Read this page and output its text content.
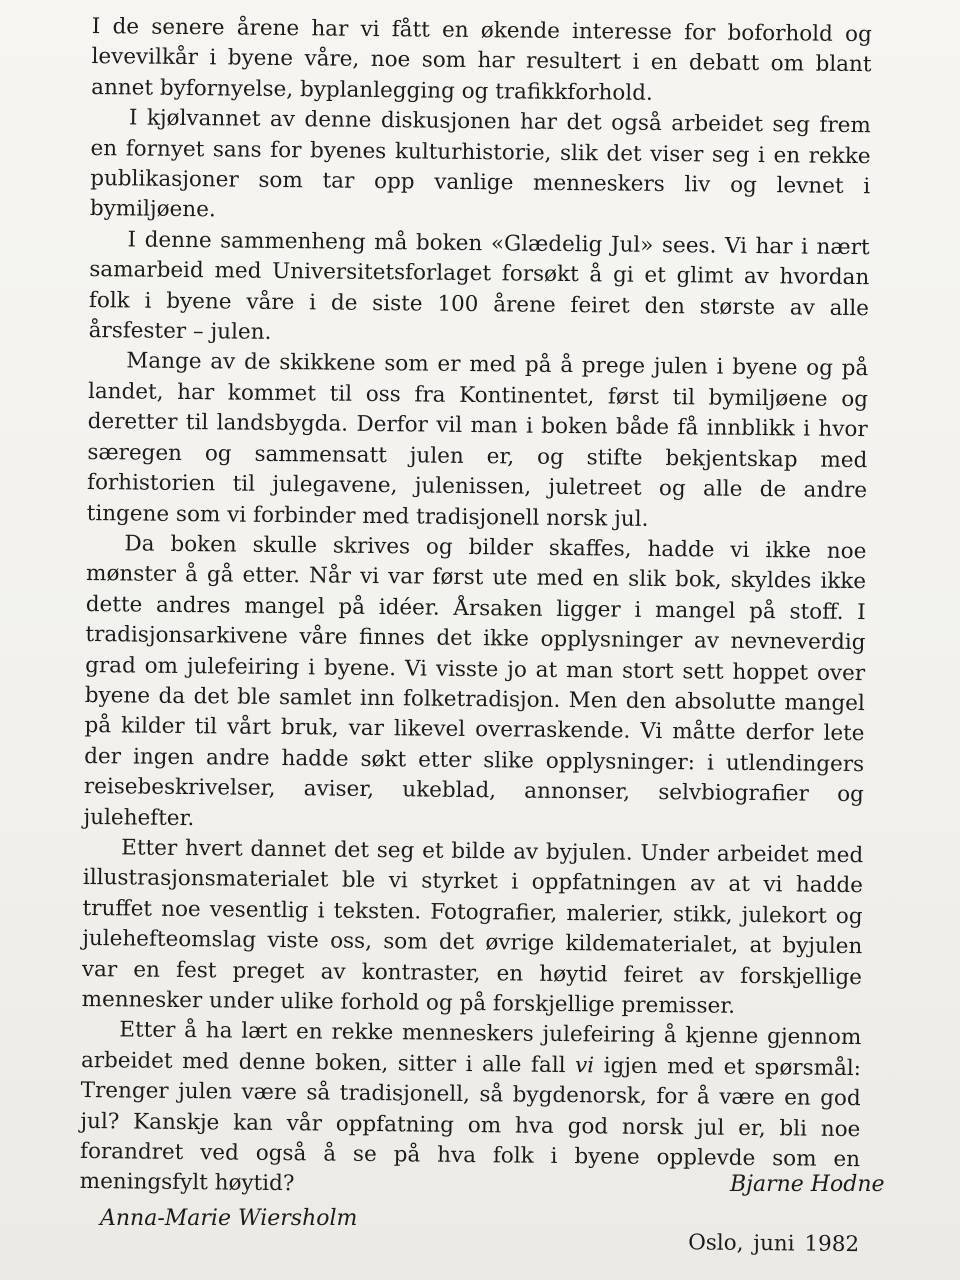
I de senere årene har vi fått en økende interesse for boforhold og levevilkår i byene våre, noe som har resultert i en debatt om blant annet byfornyelse, byplanlegging og trafikkforhold.

I kjølvannet av denne diskusjonen har det også arbeidet seg frem en fornyet sans for byenes kulturhistorie, slik det viser seg i en rekke publikasjoner som tar opp vanlige menneskers liv og levnet i bymiljøene.

I denne sammenheng må boken «Glædelig Jul» sees. Vi har i nært samarbeid med Universitetsforlaget forsøkt å gi et glimt av hvordan folk i byene våre i de siste 100 årene feiret den største av alle årsfester – julen.

Mange av de skikkene som er med på å prege julen i byene og på landet, har kommet til oss fra Kontinentet, først til bymiljøene og deretter til landsbygda. Derfor vil man i boken både få innblikk i hvor særegen og sammensatt julen er, og stifte bekjentskap med forhistorien til julegavene, julenissen, juletreet og alle de andre tingene som vi forbinder med tradisjonell norsk jul.

Da boken skulle skrives og bilder skaffes, hadde vi ikke noe mønster å gå etter. Når vi var først ute med en slik bok, skyldes ikke dette andres mangel på idéer. Årsaken ligger i mangel på stoff. I tradisjonsarkivene våre finnes det ikke opplysninger av nevneverdig grad om julefeiring i byene. Vi visste jo at man stort sett hoppet over byene da det ble samlet inn folketradisjon. Men den absolutte mangel på kilder til vårt bruk, var likevel overraskende. Vi måtte derfor lete der ingen andre hadde søkt etter slike opplysninger: i utlendingers reisebeskrivelser, aviser, ukeblad, annonser, selvbiografier og julehefter.

Etter hvert dannet det seg et bilde av byjulen. Under arbeidet med illustrasjonsmaterialet ble vi styrket i oppfatningen av at vi hadde truffet noe vesentlig i teksten. Fotografier, malerier, stikk, julekort og julehefteomslag viste oss, som det øvrige kildematerialet, at byjulen var en fest preget av kontraster, en høytid feiret av forskjellige mennesker under ulike forhold og på forskjellige premisser.

Etter å ha lært en rekke menneskers julefeiring å kjenne gjennom arbeidet med denne boken, sitter i alle fall vi igjen med et spørsmål: Trenger julen være så tradisjonell, så bygdenorsk, for å være en god jul? Kanskje kan vår oppfatning om hva god norsk jul er, bli noe forandret ved også å se på hva folk i byene opplevde som en meningsfylt høytid?

Oslo, juni 1982
Bjarne Hodne
Anna-Marie Wiersholm
